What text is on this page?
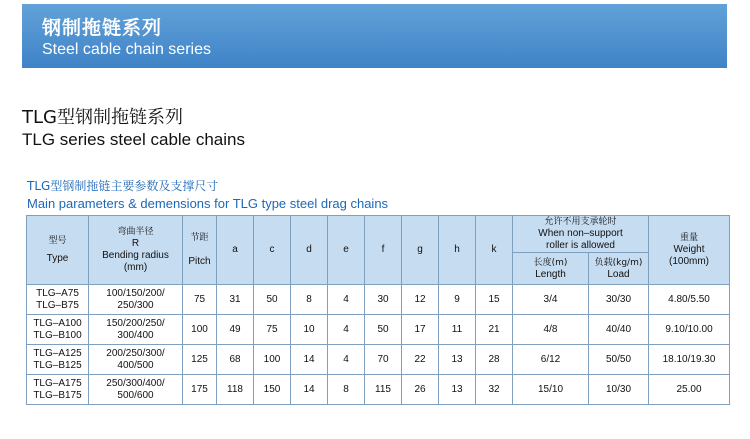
钢制拖链系列
Steel cable chain series
TLG型钢制拖链系列
TLG series steel cable chains
TLG型钢制拖链主要参数及支撑尺寸
Main parameters & demensions for TLG type steel drag chains
型号
Type	弯曲半径
R
Bending radius
(mm)	节距
Pitch	a	c	d	e	f	g	h	k	允许不用支承轮时
When non–support
roller is allowed		重量
Weight
(100mm)

											长度(m)
Length	负载(kg/m)
Load	

TLG–A75
TLG–B75	100/150/200/
250/300	75	31	50	8	4	30	12	9	15	3/4	30/30	4.80/5.50

TLG–A100
TLG–B100	150/200/250/
300/400	100	49	75	10	4	50	17	11	21	4/8	40/40	9.10/10.00

TLG–A125
TLG–B125	200/250/300/
400/500	125	68	100	14	4	70	22	13	28	6/12	50/50	18.10/19.30

TLG–A175
TLG–B175	250/300/400/
500/600	175	118	150	14	8	115	26	13	32	15/10	10/30	25.00
